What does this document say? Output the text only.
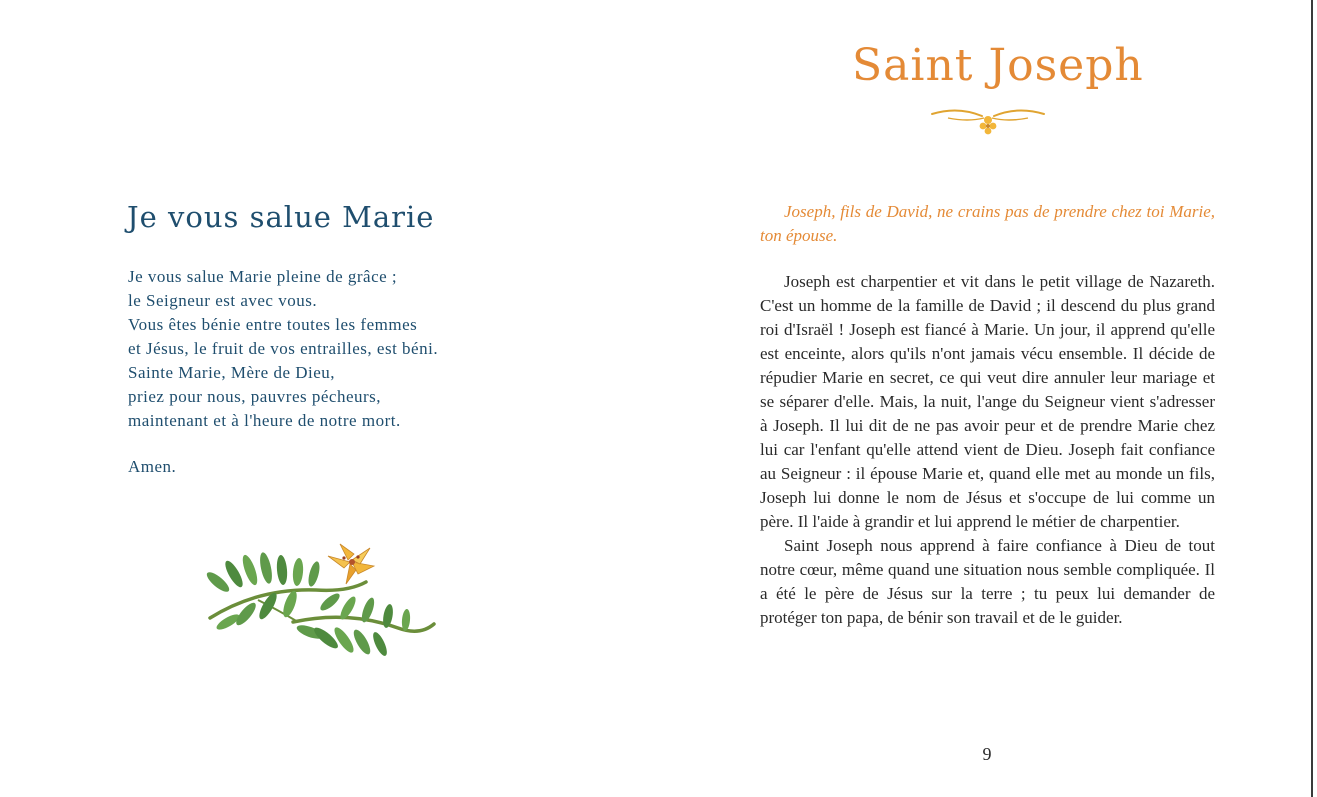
Je vous salue Marie
Je vous salue Marie pleine de grâce ;
le Seigneur est avec vous.
Vous êtes bénie entre toutes les femmes
et Jésus, le fruit de vos entrailles, est béni.
Sainte Marie, Mère de Dieu,
priez pour nous, pauvres pécheurs,
maintenant et à l'heure de notre mort.

Amen.

Saint Joseph

Joseph, fils de David, ne crains pas de prendre chez toi Marie, ton épouse.

Joseph est charpentier et vit dans le petit village de Nazareth. C'est un homme de la famille de David ; il descend du plus grand roi d'Israël ! Joseph est fiancé à Marie. Un jour, il apprend qu'elle est enceinte, alors qu'ils n'ont jamais vécu ensemble. Il décide de répudier Marie en secret, ce qui veut dire annuler leur mariage et se séparer d'elle. Mais, la nuit, l'ange du Seigneur vient s'adresser à Joseph. Il lui dit de ne pas avoir peur et de prendre Marie chez lui car l'enfant qu'elle attend vient de Dieu. Joseph fait confiance au Seigneur : il épouse Marie et, quand elle met au monde un fils, Joseph lui donne le nom de Jésus et s'occupe de lui comme un père. Il l'aide à grandir et lui apprend le métier de charpentier.

Saint Joseph nous apprend à faire confiance à Dieu de tout notre cœur, même quand une situation nous semble compliquée. Il a été le père de Jésus sur la terre ; tu peux lui demander de protéger ton papa, de bénir son travail et de le guider.

9
